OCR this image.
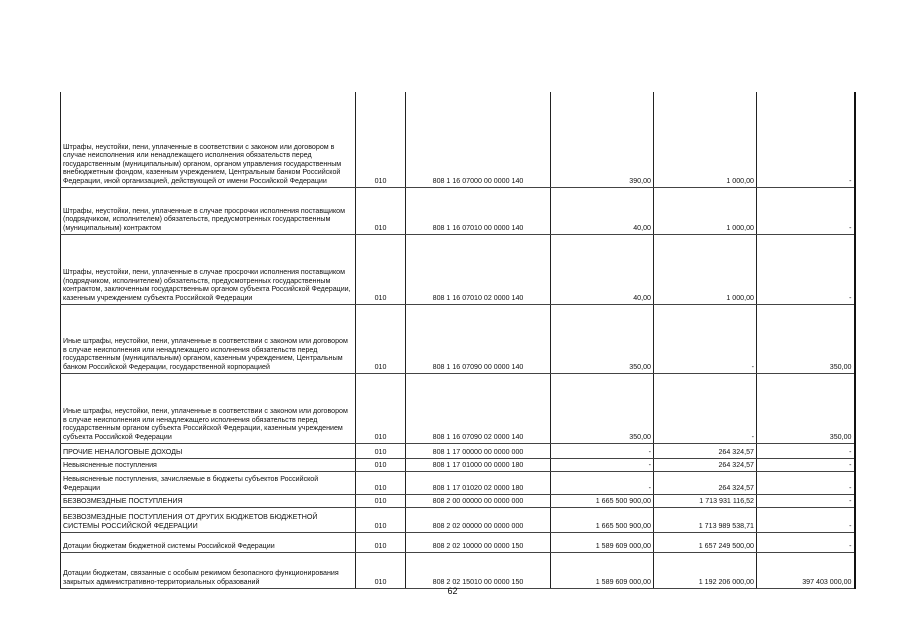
Штрафы, неустойки, пени, уплаченные в соответствии с законом или договором в случае неисполнения или ненадлежащего исполнения обязательств перед государственным (муниципальным) органом, органом управления государственным внебюджетным фондом, казенным учреждением, Центральным банком Российской Федерации, иной организацией, действующей от имени Российской Федерации	010	808 1 16 07000 00 0000 140	390,00	1 000,00	-
Штрафы, неустойки, пени, уплаченные в случае просрочки исполнения поставщиком (подрядчиком, исполнителем) обязательств, предусмотренных государственным (муниципальным) контрактом	010	808 1 16 07010 00 0000 140	40,00	1 000,00	-
Штрафы, неустойки, пени, уплаченные в случае просрочки исполнения поставщиком (подрядчиком, исполнителем) обязательств, предусмотренных государственным контрактом, заключенным государственным органом субъекта Российской Федерации, казенным учреждением субъекта Российской Федерации	010	808 1 16 07010 02 0000 140	40,00	1 000,00	-
Иные штрафы, неустойки, пени, уплаченные в соответствии с законом или договором в случае неисполнения или ненадлежащего исполнения обязательств перед государственным (муниципальным) органом, казенным учреждением, Центральным банком Российской Федерации, государственной корпорацией	010	808 1 16 07090 00 0000 140	350,00	-	350,00
Иные штрафы, неустойки, пени, уплаченные в соответствии с законом или договором в случае неисполнения или ненадлежащего исполнения обязательств перед государственным органом субъекта Российской Федерации, казенным учреждением субъекта Российской Федерации	010	808 1 16 07090 02 0000 140	350,00	-	350,00
ПРОЧИЕ НЕНАЛОГОВЫЕ ДОХОДЫ	010	808 1 17 00000 00 0000 000	-	264 324,57	-
Невыясненные поступления	010	808 1 17 01000 00 0000 180	-	264 324,57	-
Невыясненные поступления, зачисляемые в бюджеты субъектов Российской Федерации	010	808 1 17 01020 02 0000 180	-	264 324,57	-
БЕЗВОЗМЕЗДНЫЕ ПОСТУПЛЕНИЯ	010	808 2 00 00000 00 0000 000	1 665 500 900,00	1 713 931 116,52	-
БЕЗВОЗМЕЗДНЫЕ ПОСТУПЛЕНИЯ ОТ ДРУГИХ БЮДЖЕТОВ БЮДЖЕТНОЙ СИСТЕМЫ РОССИЙСКОЙ ФЕДЕРАЦИИ	010	808 2 02 00000 00 0000 000	1 665 500 900,00	1 713 989 538,71	-
Дотации бюджетам бюджетной системы Российской Федерации	010	808 2 02 10000 00 0000 150	1 589 609 000,00	1 657 249 500,00	-
Дотации бюджетам, связанные с особым режимом безопасного функционирования закрытых административно-территориальных образований	010	808 2 02 15010 00 0000 150	1 589 609 000,00	1 192 206 000,00	397 403 000,00
62
